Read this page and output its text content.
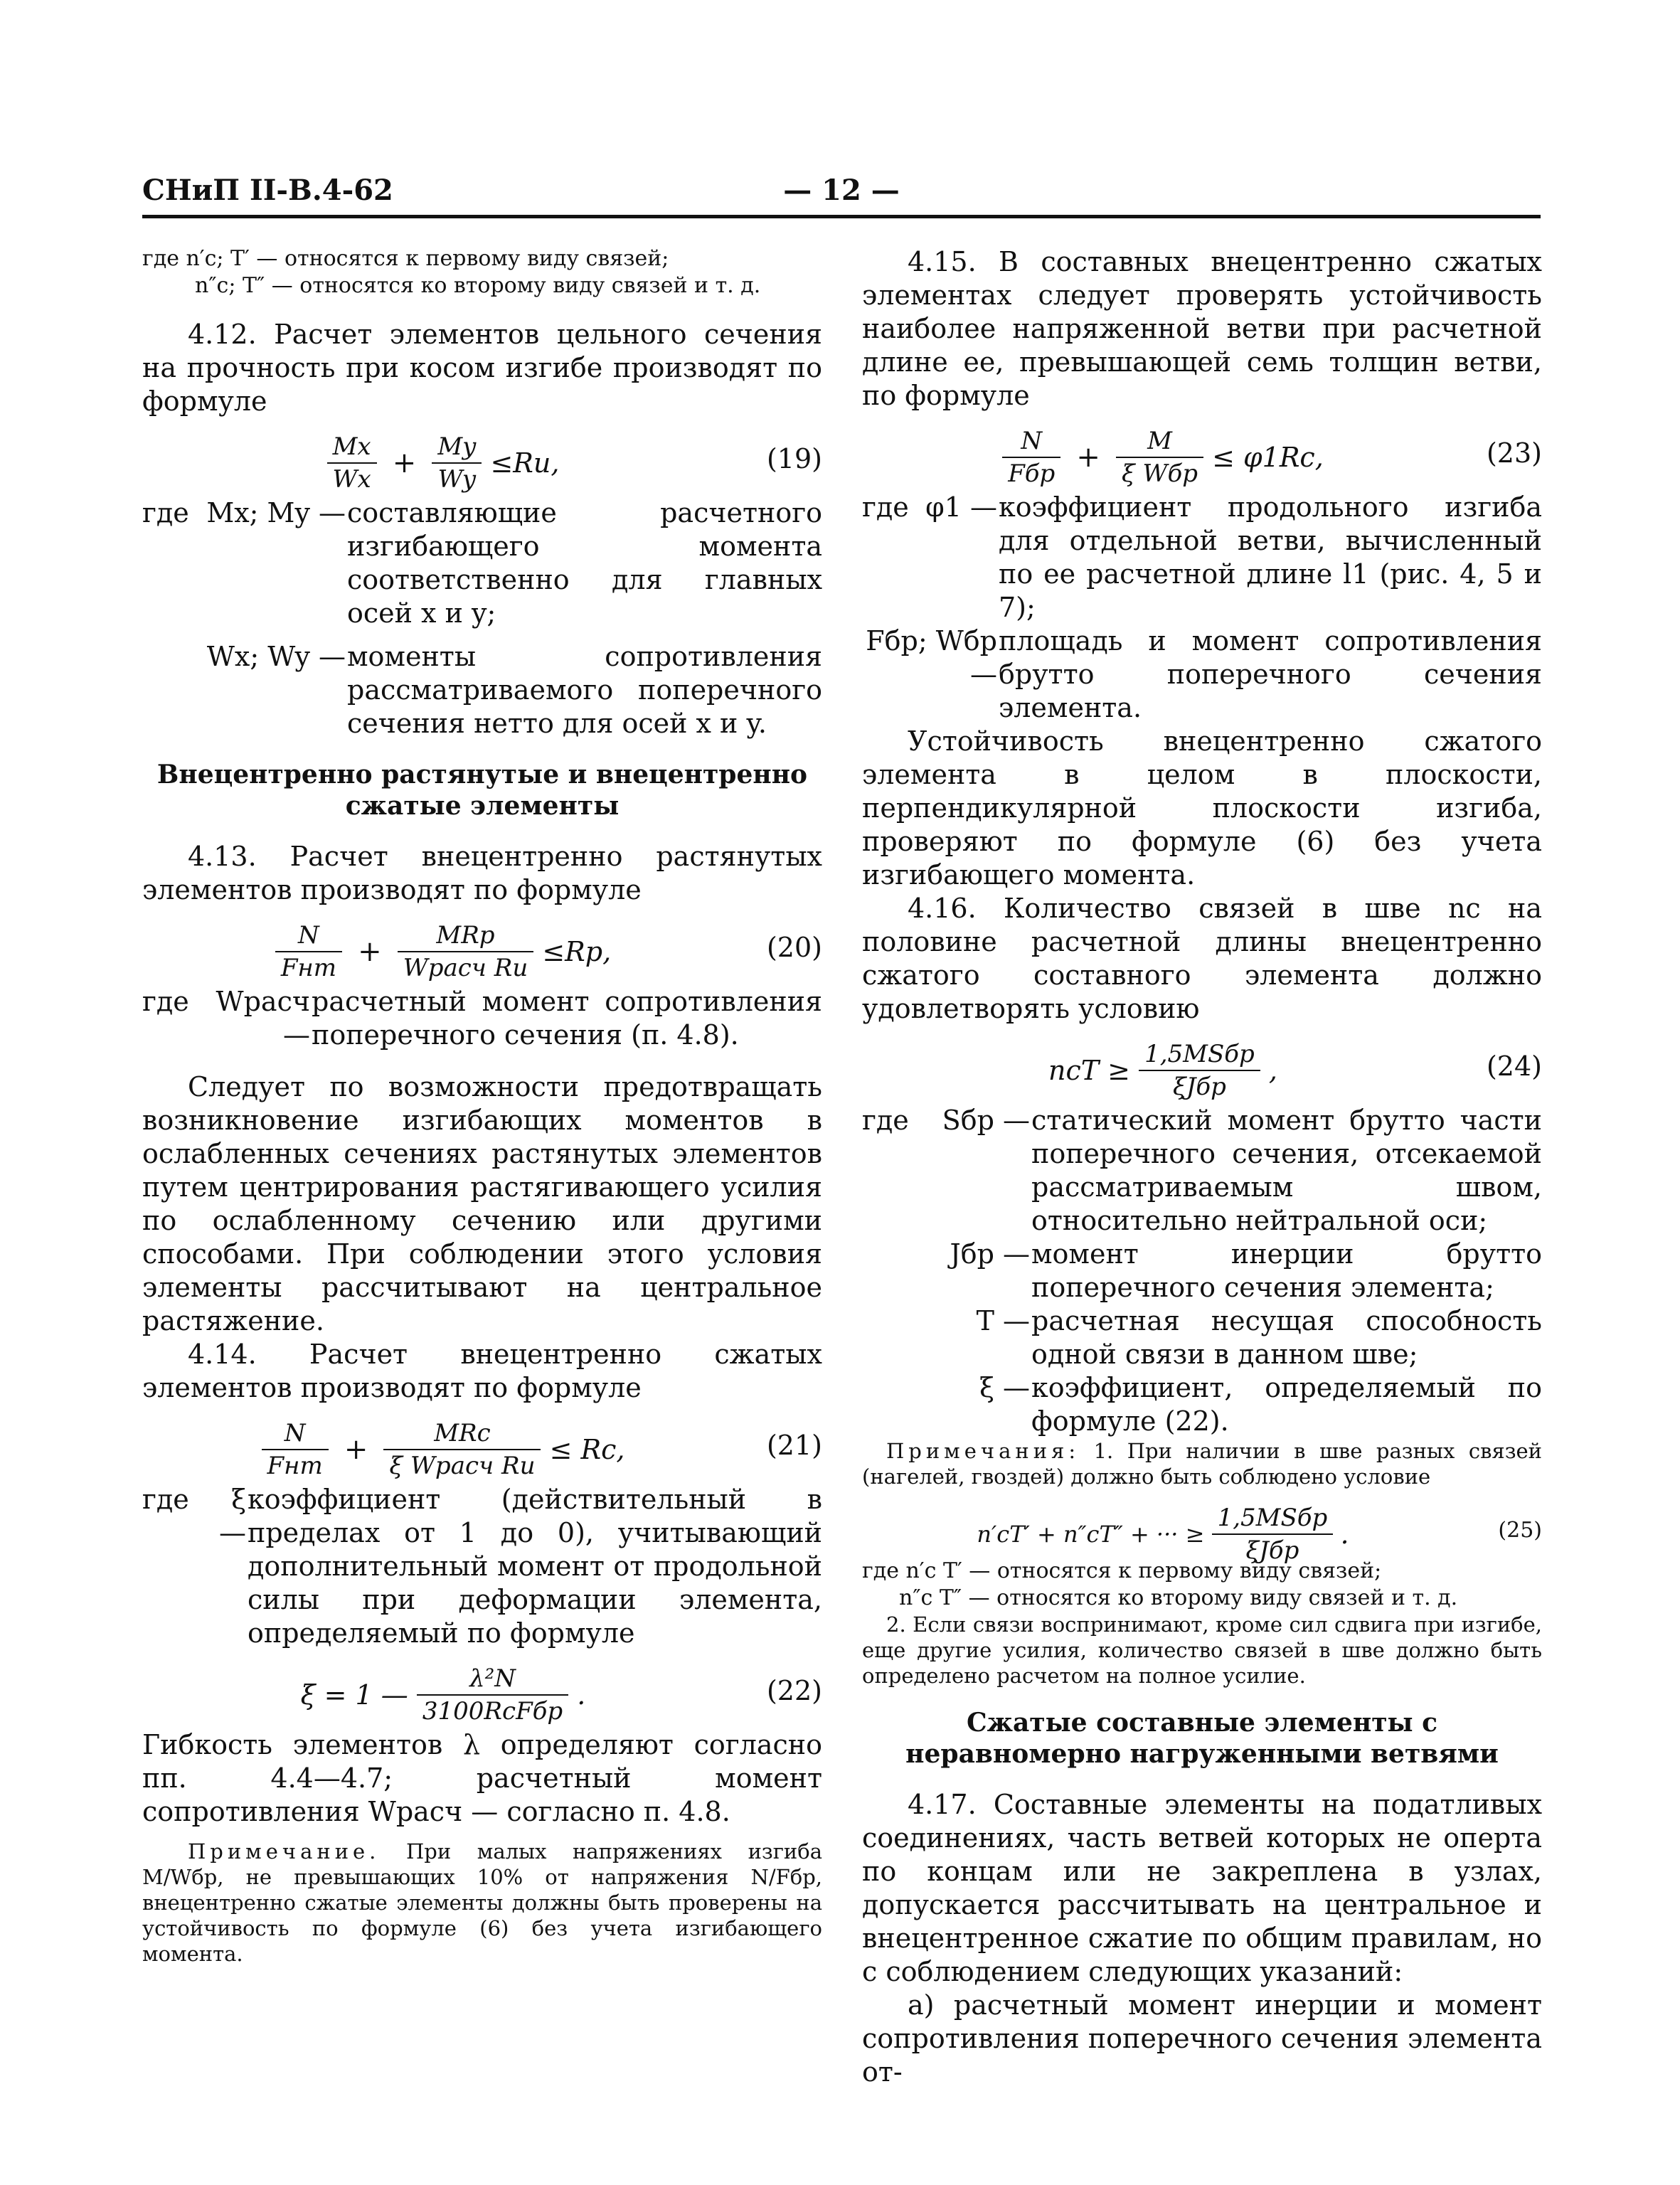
СНиП II-В.4-62	— 12 —

где n′с; T′ — относятся к первому виду связей;

n″с; T″ — относятся ко второму виду связей и т. д.

4.12. Расчет элементов цельного сечения на прочность при косом изгибе производят по формуле

$\frac{Mx}{Wx} + \frac{My}{Wy} \le Rи$,	(19)
где Mx; My — составляющие расчетного изгибающего момента соответственно для главных осей x и y;
Wx; Wy — моменты сопротивления рассматриваемого поперечного сечения нетто для осей x и y.

Внецентренно растянутые и внецентренно сжатые элементы

4.13. Расчет внецентренно растянутых элементов производят по формуле

$\frac{N}{\text{Fнт}} + \frac{\text{MRр}}{\text{Wрасч Rи}} \le Rр$,	(20)
где Wрасч—
расчетный момент сопротивления поперечного сечения (п. 4.8).

Следует по возможности предотвращать возникновение изгибающих моментов в ослабленных сечениях растянутых элементов путем центрирования растягивающего усилия по ослабленному сечению или другими способами. При соблюдении этого условия элементы рассчитывают на центральное растяжение.

4.14. Расчет внецентренно сжатых элементов производят по формуле

$\frac{N}{\text{Fнт}} + \frac{\text{MRс}}{\text{ξ Wрасч Rи}}$ ≤ Rс,	(21)
где	ξ —
коэффициент (действительный в пределах от 1 до 0), учитывающий дополнительный момент от продольной силы при деформации элемента, определяемый по формуле
ξ = 1 — $\frac{\text{λ²N}}{\text{3100RсFбр}}$ .	(22)

Гибкость элементов λ определяют согласно пп. 4.4—4.7; расчетный момент сопротивления Wрасч — согласно п. 4.8.

Примечание. При малых напряжениях изгиба M/Wбр, не превышающих 10% от напряжения N/Fбр, внецентренно сжатые элементы должны быть проверены на устойчивость по формуле (6) без учета изгибающего момента.

4.15. В составных внецентренно сжатых элементах следует проверять устойчивость наиболее напряженной ветви при расчетной длине ее, превышающей семь толщин ветви, по формуле

$\frac{N}{\text{Fбр}} + \frac{M}{\text{ξ Wбр}} \le \varphi 1Rс$,	(23)
где φ1 — коэффициент продольного изгиба для отдельной ветви, вычисленный по ее расчетной длине l1 (рис. 4, 5 и 7);
Fбр; Wбр —
площадь и момент сопротивления брутто поперечного сечения элемента.

Устойчивость внецентренно сжатого элемента в целом в плоскости, перпендикулярной плоскости изгиба, проверяют по формуле (6) без учета изгибающего момента.

4.16. Количество связей в шве nс на половине расчетной длины внецентренно сжатого составного элемента должно удовлетворять условию

nсT ≥ $\frac{\text{1,5MSбр}}{\text{ξJбр}}$ ,	(24)
где	Sбр — статический момент брутто части поперечного сечения, отсекаемой рассматриваемым швом, относительно нейтральной оси;
Jбр — момент инерции брутто поперечного сечения элемента;
T — расчетная несущая способность одной связи в данном шве;
ξ — коэффициент, определяемый по формуле (22).

Примечания: 1. При наличии в шве разных связей (нагелей, гвоздей) должно быть соблюдено условие

n′сT′ + n″сT″ + ··· ≥ $\frac{\text{1,5MSбр}}{\text{ξJбр}}$ .	(25)

где n′с T′ — относятся к первому виду связей;

n″с T″ — относятся ко второму виду связей и т. д.

2. Если связи воспринимают, кроме сил сдвига при изгибе, еще другие усилия, количество связей в шве должно быть определено расчетом на полное усилие.

Сжатые составные элементы с неравномерно нагруженными ветвями

4.17. Составные элементы на податливых соединениях, часть ветвей которых не оперта по концам или не закреплена в узлах, допускается рассчитывать на центральное и внецентренное сжатие по общим правилам, но с соблюдением следующих указаний:

а) расчетный момент инерции и момент сопротивления поперечного сечения элемента от-
